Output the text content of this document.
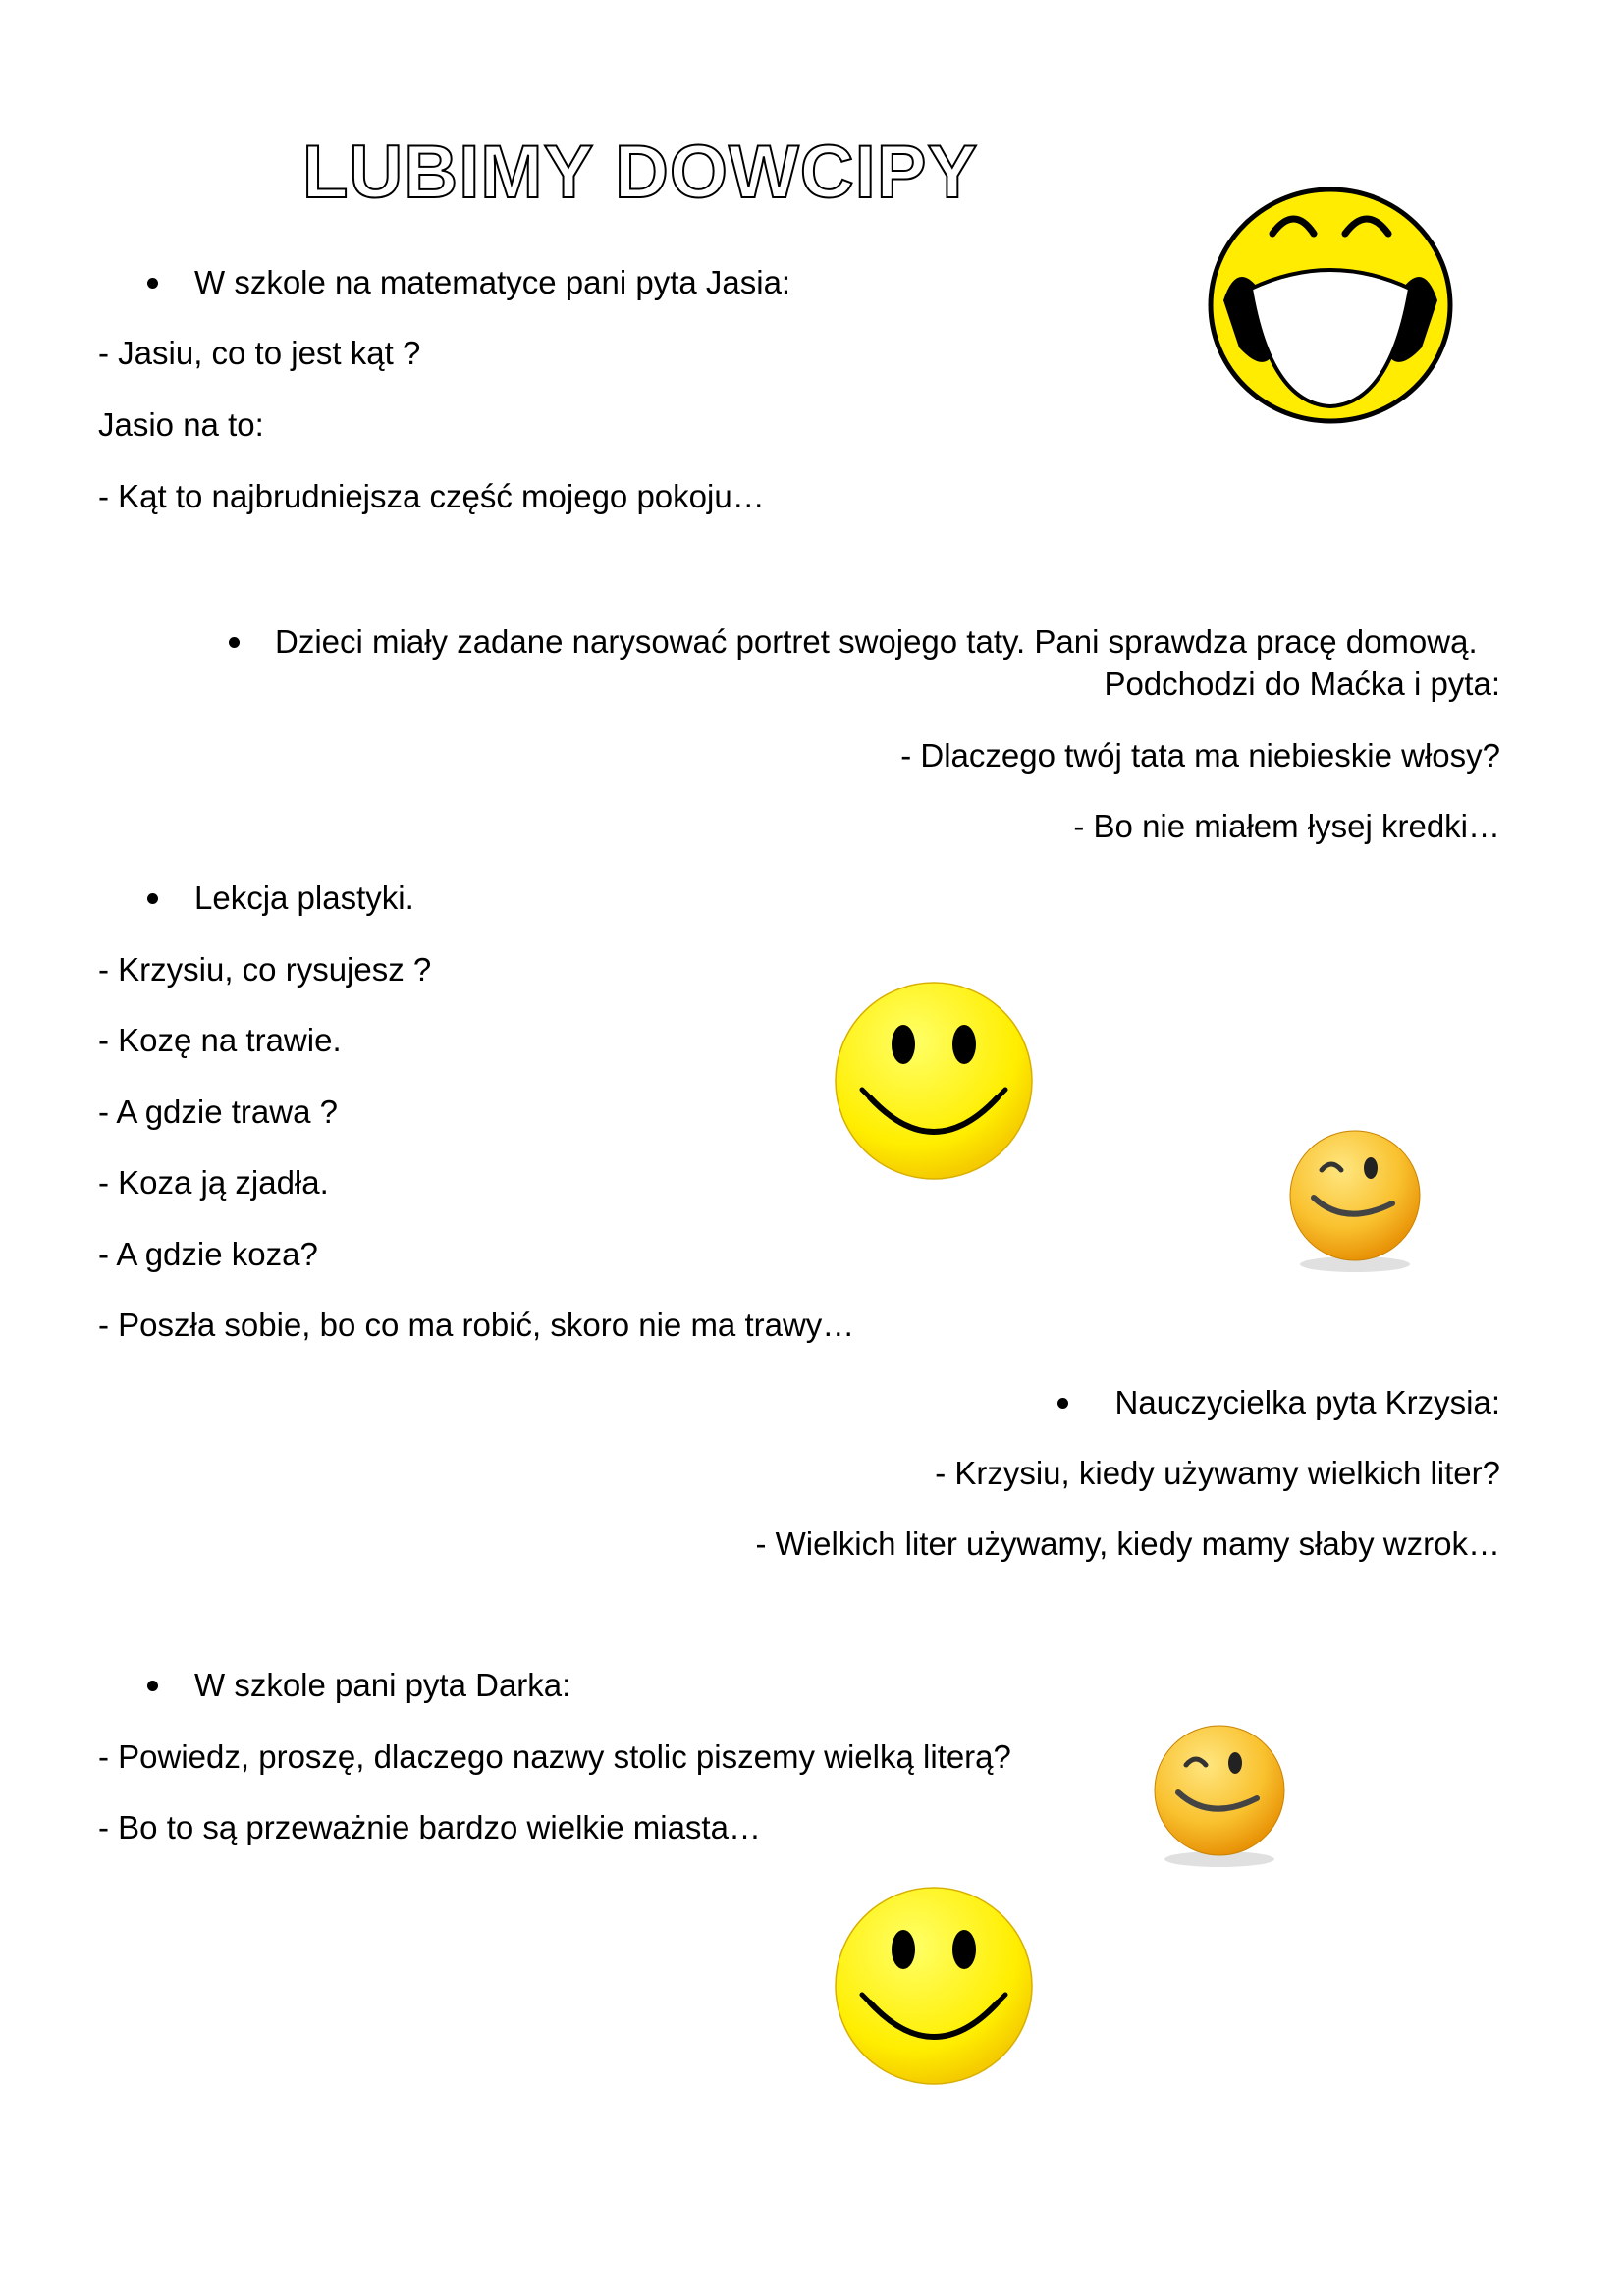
LUBIMY DOWCIPY

W szkole na matematyce pani pyta Jasia:

- Jasiu, co to jest kąt ?

Jasio na to:

- Kąt to najbrudniejsza część mojego pokoju…

Dzieci miały zadane narysować portret swojego taty. Pani sprawdza pracę domową.

Podchodzi do Maćka i pyta:

- Dlaczego twój tata ma niebieskie włosy?

- Bo nie miałem łysej kredki…

Lekcja plastyki.

- Krzysiu, co rysujesz ?

- Kozę na trawie.

- A gdzie trawa ?

- Koza ją zjadła.

- A gdzie koza?

- Poszła sobie, bo co ma robić, skoro nie ma trawy…

Nauczycielka pyta Krzysia:

- Krzysiu, kiedy używamy wielkich liter?

- Wielkich liter używamy, kiedy mamy słaby wzrok…

W szkole pani pyta Darka:

- Powiedz, proszę, dlaczego nazwy stolic piszemy wielką literą?

- Bo to są przeważnie bardzo wielkie miasta…
